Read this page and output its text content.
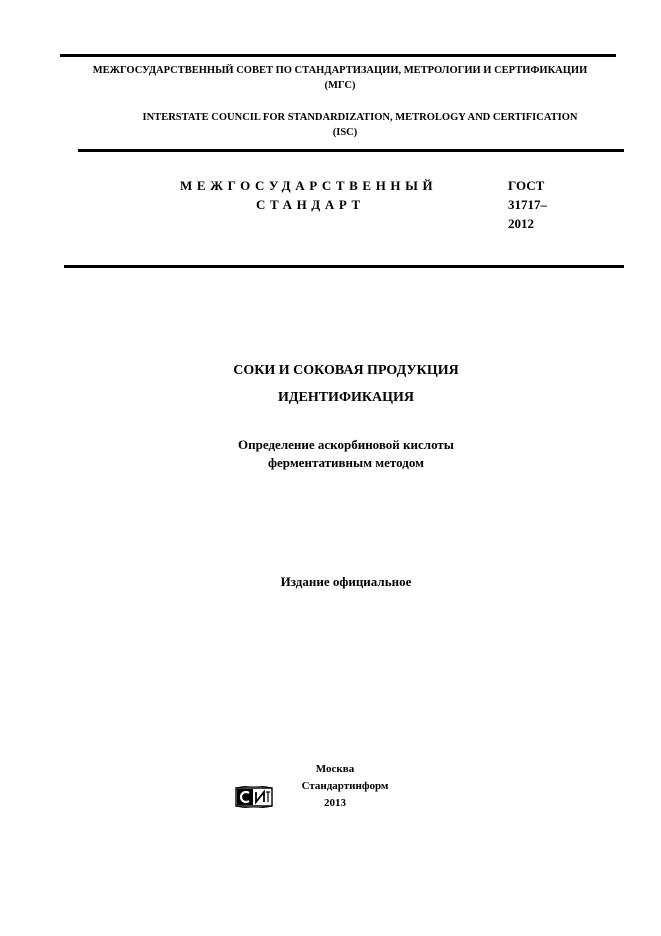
МЕЖГОСУДАРСТВЕННЫЙ СОВЕТ ПО СТАНДАРТИЗАЦИИ, МЕТРОЛОГИИ И СЕРТИФИКАЦИИ
(МГС)
INTERSTATE COUNCIL FOR STANDARDIZATION, METROLOGY AND CERTIFICATION
(ISC)
МЕЖГОСУДАРСТВЕННЫЙ
СТАНДАРТ
ГОСТ
31717–
2012
СОКИ И СОКОВАЯ ПРОДУКЦИЯ
ИДЕНТИФИКАЦИЯ
Определение аскорбиновой кислоты
ферментативным методом
Издание официальное
Москва
Стандартинформ
2013
